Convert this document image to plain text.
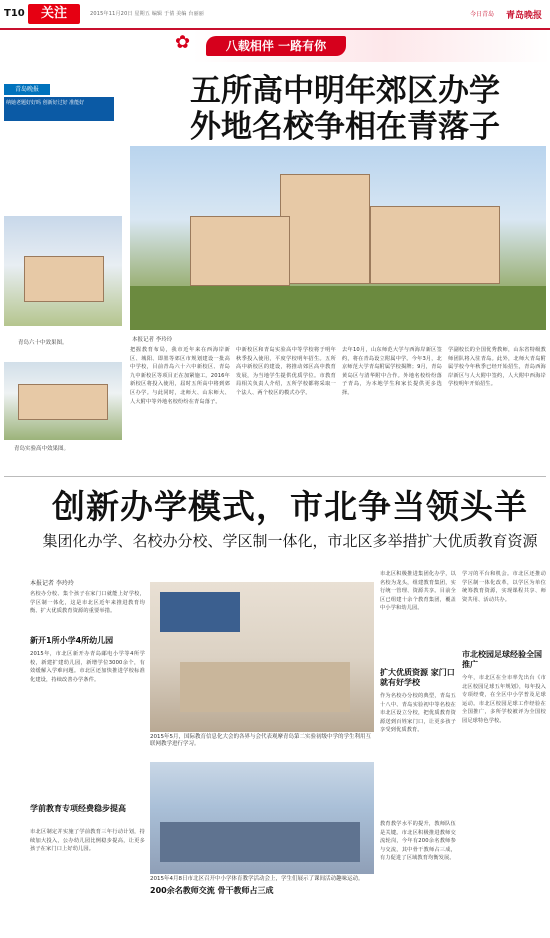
T10	关注	2015年11月20日 星期五 编辑 于倩 美编 台丽丽	今日青岛 青岛晚报
✿	八载相伴 一路有你
青岛晚报
纳她老题好好吗 创新好过好 准能好	五所高中明年郊区办学
外地名校争相在青落子
本报记者 李玲玲
青岛六十中效果图。
青岛实验高中效果图。
把握教育布局，我市近年来在西海岸新区、城阳、即墨等郊区市规划建设一批高中学校，目前青岛六十六中新校区、青岛九中新校区等项目正在加紧施工。2016年新校区将投入使用，届时五所高中将到郊区办学。与此同时，北师大、山东师大、人大附中等外地名校纷纷在青岛落子。
中新校区和青岛实验高中等学校将于明年秋季投入使用，平度学校明年招生。五所高中新校区的建设，将推动郊区高中教育发展，为当地学生提供优质学位。市教育局相关负责人介绍，五所学校都将采取一个法人、两个校区的模式办学。
去年10月，山东师范大学与西海岸新区签约，将在青岛设立附属中学。今年3月，北京师范大学青岛附属学校揭牌；9月，青岛黄岛区与清华附中合作。外地名校纷纷落子青岛，为本地学生和家长提供更多选择。
学副校长的全国优秀教师，山东省特级教师团队将入驻青岛。此外，北师大青岛附属学校今年秋季已经开始招生，青岛西海岸新区与人大附中签约，人大附中西海岸学校明年开始招生。
创新办学模式，市北争当领头羊
集团化办学、名校办分校、学区制一体化，市北区多举措扩大优质教育资源
本报记者 李玲玲
名校办分校、集个孩子在家门口就能上好学校，学区制一体化，这是市北区近年来推进教育均衡、扩大优质教育资源的重要举措。
新开1所小学4所幼儿园
2015年，市北区新开办青岛邮电小学等4所学校，新建扩建幼儿园，新增学位3000余个，有效缓解入学难问题。市北区还加快推进学校标准化建设，持续改善办学条件。
学前教育专项经费稳步提高
市北区制定并实施了学前教育三年行动计划，持续加大投入，公办幼儿园比例稳步提高，让更多孩子在家门口上好幼儿园。
2015年5月，国际教育信息化大会的各界与会代表观摩青岛第二实验初级中学的学生利用互联网教学进行学习。
2015年4月8日市北区召开中小学体育教学活动会上，学生们展示了课间活动趣味运动。
市北区积极推进集团化办学，以名校为龙头，组建教育集团，实行统一管理、资源共享。目前全区已组建十余个教育集团，覆盖中小学和幼儿园。
扩大优质资源 家门口就有好学校
作为名校办分校的典型，青岛五十八中、青岛实验初中等名校在市北区设立分校，把优质教育资源送到百姓家门口，让更多孩子享受到优质教育。
200余名教师交流 骨干教师占三成
教育教学水平的提升，教师队伍是关键。市北区积极推进教师交流轮岗，今年有200余名教师参与交流，其中骨干教师占三成，有力促进了区域教育均衡发展。
学习的平台和机会。市北区还推动学区制一体化改革，以学区为单位统筹教育资源，实现课程共享、师资共用、活动共办。
市北校园足球经验全国推广
今年，市北区在全市率先出台《市北区校园足球五年规划》，每年投入专项经费，在全区中小学普及足球运动。市北区校园足球工作经验在全国推广，多所学校被评为全国校园足球特色学校。
